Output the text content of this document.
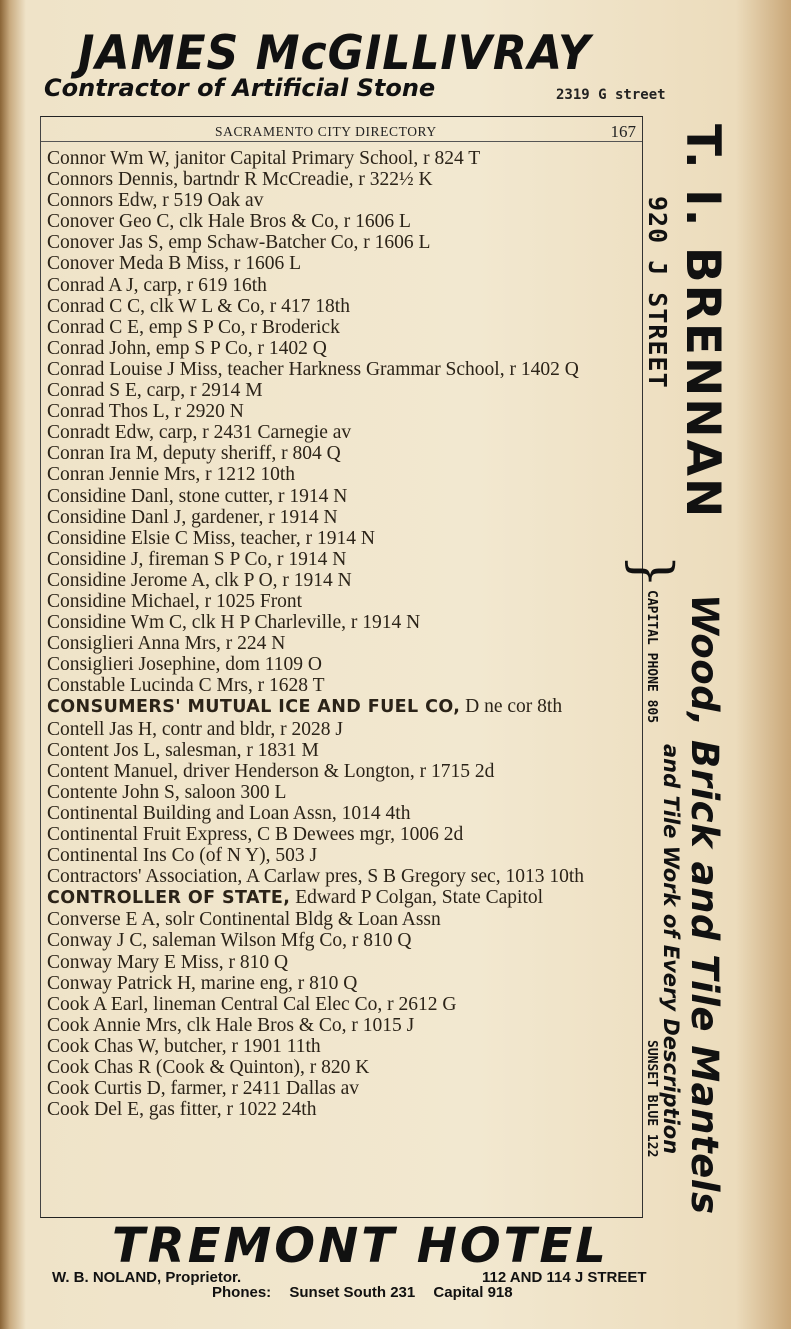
JAMES McGILLIVRAY
Contractor of Artificial Stone	2319 G street
SACRAMENTO CITY DIRECTORY	167
Connor Wm W, janitor Capital Primary School, r 824 T
Connors Dennis, bartndr R McCreadie, r 322½ K
Connors Edw, r 519 Oak av
Conover Geo C, clk Hale Bros & Co, r 1606 L
Conover Jas S, emp Schaw-Batcher Co, r 1606 L
Conover Meda B Miss, r 1606 L
Conrad A J, carp, r 619 16th
Conrad C C, clk W L & Co, r 417 18th
Conrad C E, emp S P Co, r Broderick
Conrad John, emp S P Co, r 1402 Q
Conrad Louise J Miss, teacher Harkness Grammar School, r 1402 Q
Conrad S E, carp, r 2914 M
Conrad Thos L, r 2920 N
Conradt Edw, carp, r 2431 Carnegie av
Conran Ira M, deputy sheriff, r 804 Q
Conran Jennie Mrs, r 1212 10th
Considine Danl, stone cutter, r 1914 N
Considine Danl J, gardener, r 1914 N
Considine Elsie C Miss, teacher, r 1914 N
Considine J, fireman S P Co, r 1914 N
Considine Jerome A, clk P O, r 1914 N
Considine Michael, r 1025 Front
Considine Wm C, clk H P Charleville, r 1914 N
Consiglieri Anna Mrs, r 224 N
Consiglieri Josephine, dom 1109 O
Constable Lucinda C Mrs, r 1628 T
CONSUMERS' MUTUAL ICE AND FUEL CO, D ne cor 8th
Contell Jas H, contr and bldr, r 2028 J
Content Jos L, salesman, r 1831 M
Content Manuel, driver Henderson & Longton, r 1715 2d
Contente John S, saloon 300 L
Continental Building and Loan Assn, 1014 4th
Continental Fruit Express, C B Dewees mgr, 1006 2d
Continental Ins Co (of N Y), 503 J
Contractors' Association, A Carlaw pres, S B Gregory sec, 1013 10th
CONTROLLER OF STATE, Edward P Colgan, State Capitol
Converse E A, solr Continental Bldg & Loan Assn
Conway J C, saleman Wilson Mfg Co, r 810 Q
Conway Mary E Miss, r 810 Q
Conway Patrick H, marine eng, r 810 Q
Cook A Earl, lineman Central Cal Elec Co, r 2612 G
Cook Annie Mrs, clk Hale Bros & Co, r 1015 J
Cook Chas W, butcher, r 1901 11th
Cook Chas R (Cook & Quinton), r 820 K
Cook Curtis D, farmer, r 2411 Dallas av
Cook Del E, gas fitter, r 1022 24th
T. I. BRENNAN
920 J STREET
}
Wood, Brick and Tile Mantels
and Tile Work of Every Description
CAPITAL PHONE 805
SUNSET BLUE 122
TREMONT HOTEL
W. B. NOLAND, Proprietor.	112 AND 114 J STREET
Phones: Sunset South 231 Capital 918
